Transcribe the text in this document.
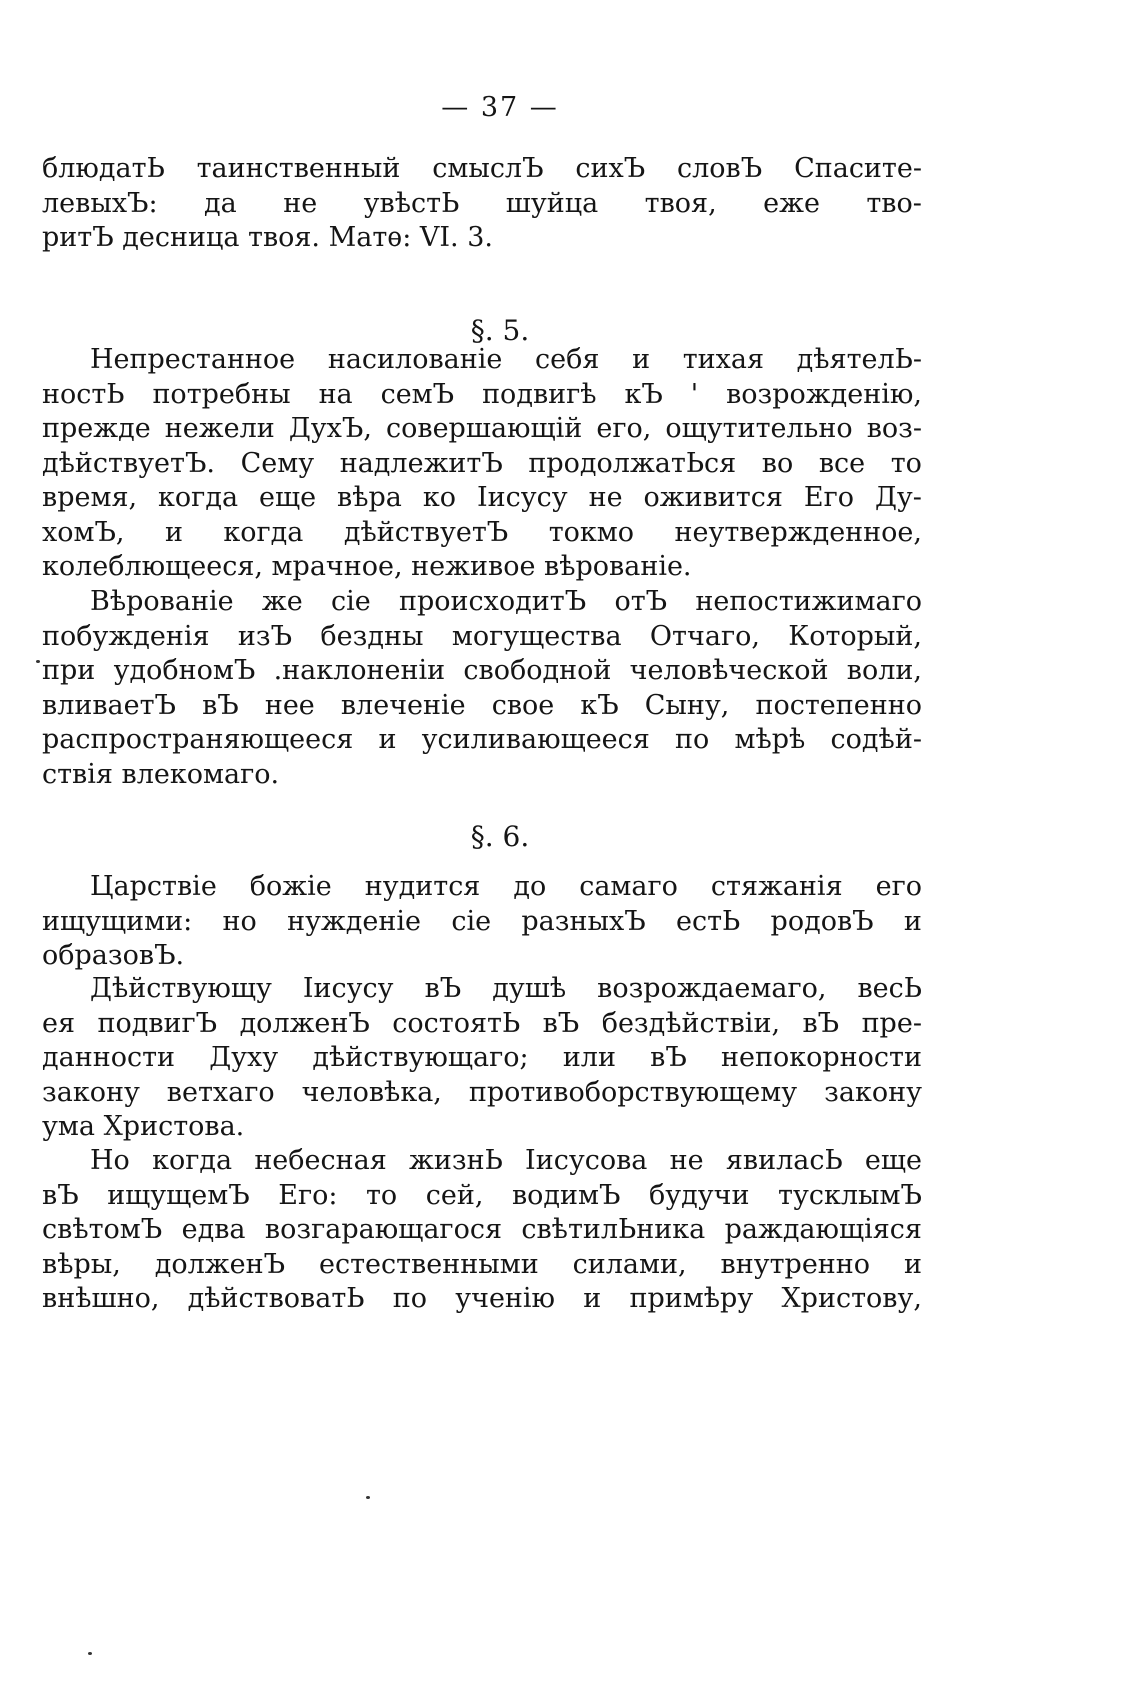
— 37 —
блюдатЬ таинственный смыслЪ сихЪ словЪ Спасите-
левыхЪ: да не увѣстЬ шуйца твоя, еже тво-
ритЪ десница твоя. Матѳ: VI. 3.
§. 5.
Непрестанное насилованіе себя и тихая дѣятелЬ-
ностЬ потребны на семЪ подвигѣ кЪ ' возрожденію,
прежде нежели ДухЪ, совершающій его, ощутительно воз-
дѣйствуетЪ. Сему надлежитЪ продолжатЬся во все то
время, когда еще вѣра ко Іисусу не оживится Его Ду-
хомЪ, и когда дѣйствуетЪ токмо неутвержденное,
колеблющееся, мрачное, неживое вѣрованіе.
Вѣрованіе же сіе происходитЪ отЪ непостижимаго
побужденія изЪ бездны могущества Отчаго, Который,
при удобномЪ .наклоненіи свободной человѣческой воли,
вливаетЪ вЪ нее влеченіе свое кЪ Сыну, постепенно
распространяющееся и усиливающееся по мѣрѣ содѣй-
ствія влекомаго.
§. 6.
Царствіе божіе нудится до самаго стяжанія его
ищущими: но нужденіе сіе разныхЪ естЬ родовЪ и
образовЪ.
Дѣйствующу Іисусу вЪ душѣ возрождаемаго, весЬ
ея подвигЪ долженЪ состоятЬ вЪ бездѣйствіи, вЪ пре-
данности Духу дѣйствующаго; или вЪ непокорности
закону ветхаго человѣка, противоборствующему закону
ума Христова.
Но когда небесная жизнЬ Іисусова не явиласЬ еще
вЪ ищущемЪ Его: то сей, водимЪ будучи тусклымЪ
свѣтомЪ едва возгарающагося свѣтилЬника раждающіяся
вѣры, долженЪ естественными силами, внутренно и
внѣшно, дѣйствоватЬ по ученію и примѣру Христову,
